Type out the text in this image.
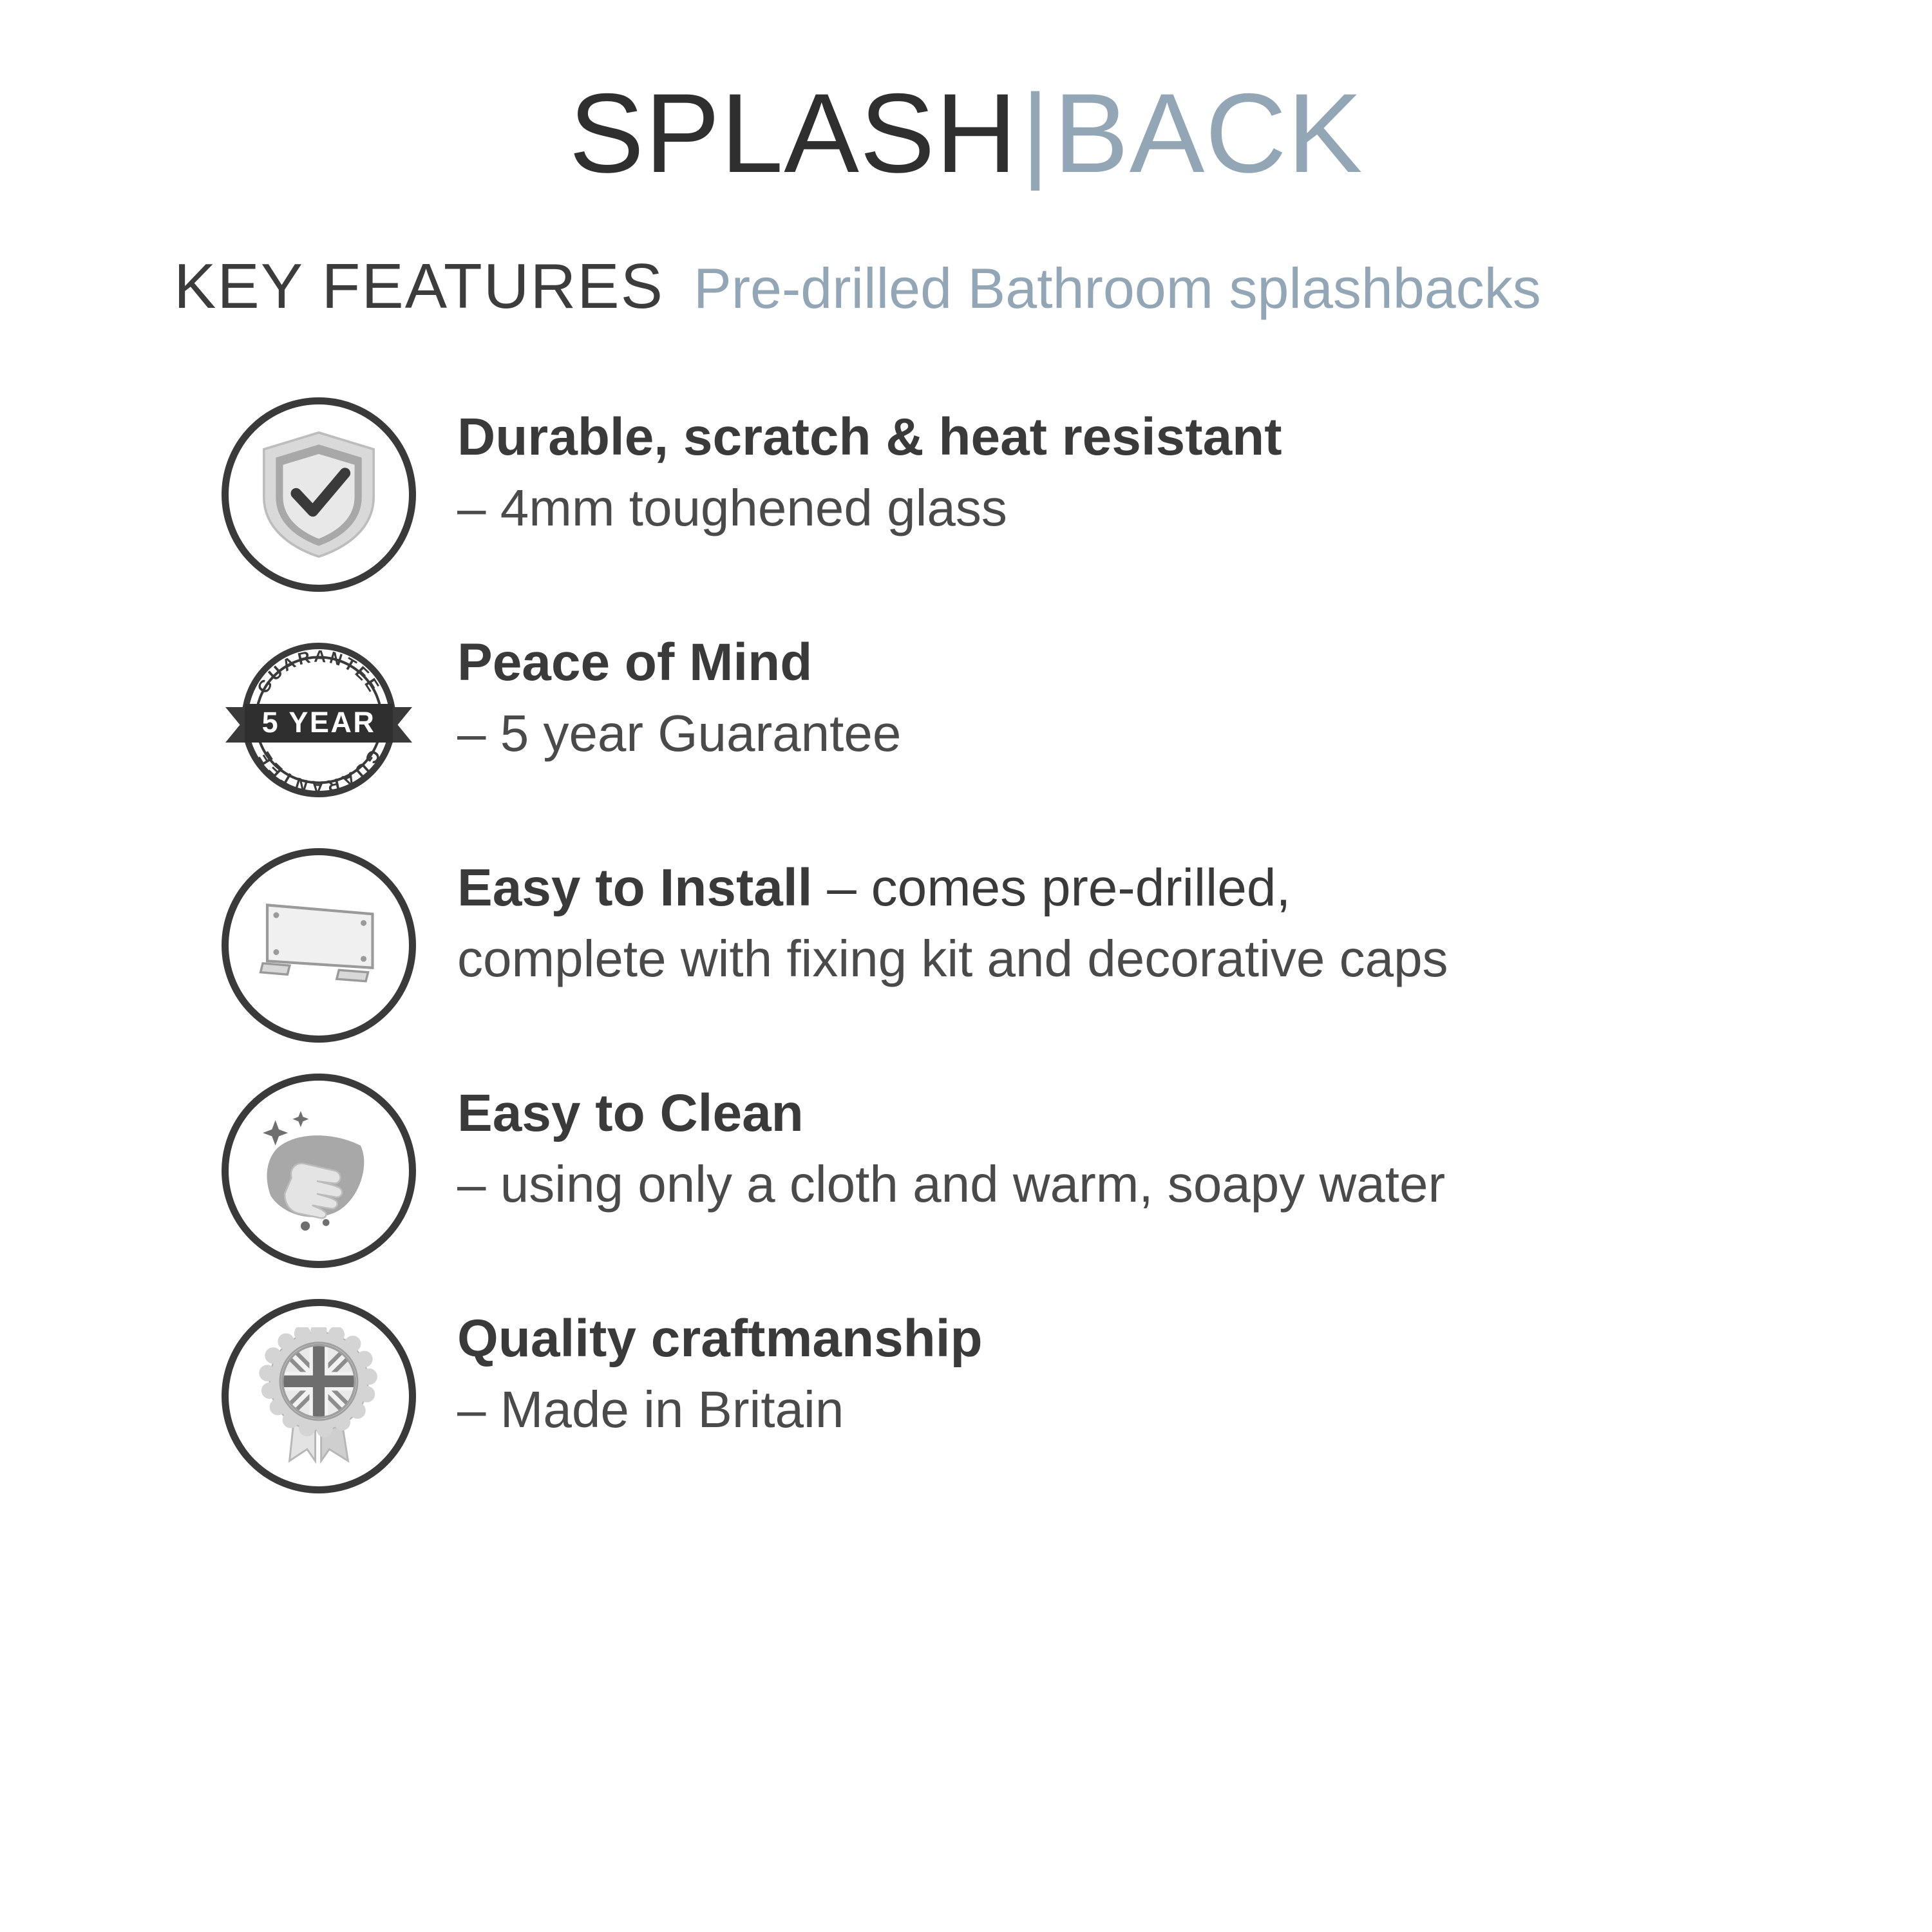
SPLASH|BACK
KEY FEATURES Pre-drilled Bathroom splashbacks
Durable, scratch & heat resistant
– 4mm toughened glass
GUARANTEE
GUARANTEE
5 YEAR
Peace of Mind
– 5 year Guarantee
Easy to Install – comes pre-drilled,
complete with fixing kit and decorative caps
Easy to Clean
– using only a cloth and warm, soapy water
Quality craftmanship
– Made in Britain
